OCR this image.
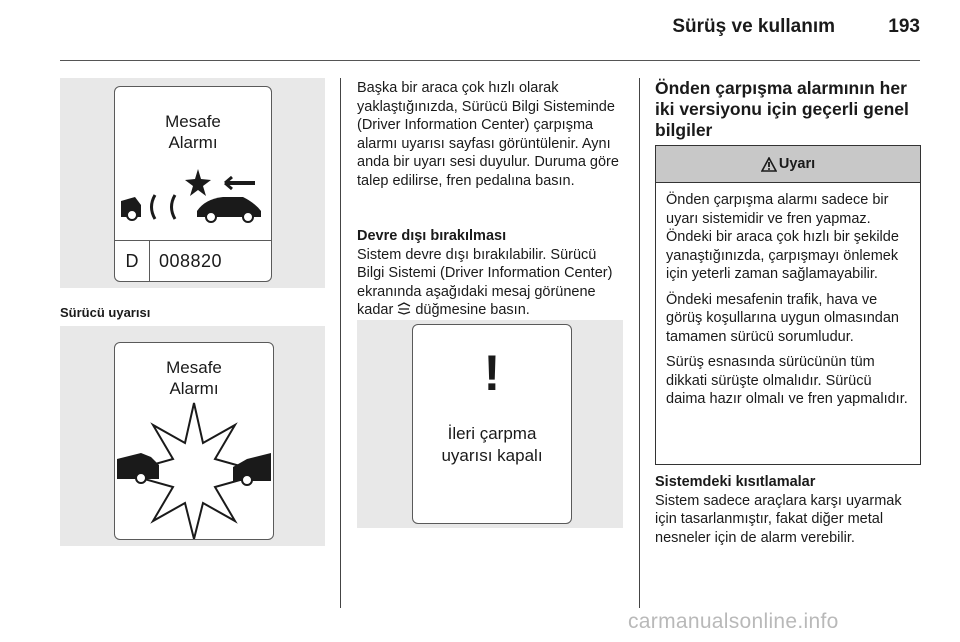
Sürüş ve kullanım	193
Mesafe
Alarmı
D	008820
Sürücü uyarısı
Mesafe
Alarmı
Başka bir araca çok hızlı olarak yaklaştığınızda, Sürücü Bilgi Sisteminde (Driver Information Center) çarpışma alarmı uyarısı sayfası görüntülenir. Aynı anda bir uyarı sesi duyulur. Duruma göre talep edilirse, fren pedalına basın.
Devre dışı bırakılması
Sistem devre dışı bırakılabilir. Sürücü Bilgi Sistemi (Driver Information Center) ekranında aşağıdaki mesaj görünene kadar düğmesine basın.
!
İleri çarpma
uyarısı kapalı
Önden çarpışma alarmının her iki versiyonu için geçerli genel bilgiler
Uyarı

Önden çarpışma alarmı sadece bir uyarı sistemidir ve fren yapmaz. Öndeki bir araca çok hızlı bir şekilde yanaştığınızda, çarpışmayı önlemek için yeterli zaman sağlamayabilir.

Öndeki mesafenin trafik, hava ve görüş koşullarına uygun olmasından tamamen sürücü sorumludur.

Sürüş esnasında sürücünün tüm dikkati sürüşte olmalıdır. Sürücü daima hazır olmalı ve fren yapmalıdır.

Sistemdeki kısıtlamalar
Sistem sadece araçlara karşı uyarmak için tasarlanmıştır, fakat diğer metal nesneler için de alarm verebilir.
carmanualsonline.info
